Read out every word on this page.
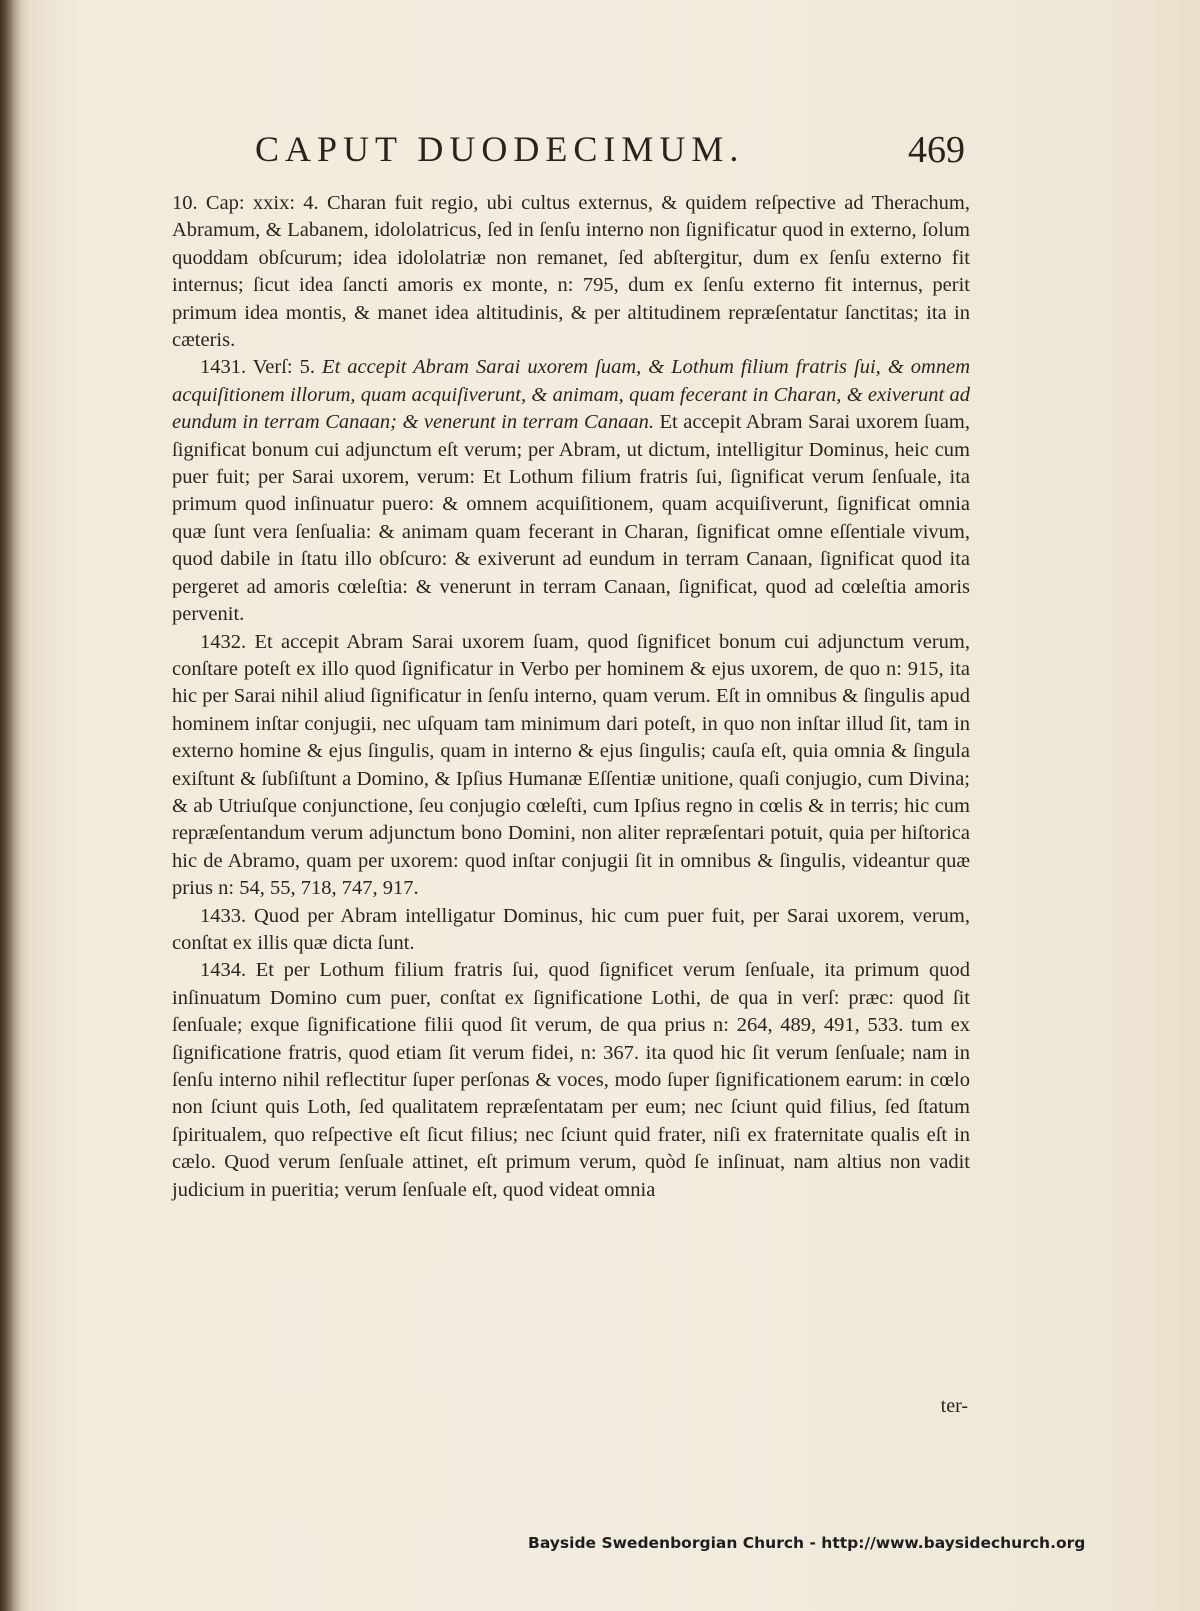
CAPUT DUODECIMUM.	469

10. Cap: xxix: 4. Charan fuit regio, ubi cultus externus, & quidem reſpective ad Therachum, Abramum, & Labanem, idololatricus, ſed in ſenſu interno non ſignificatur quod in externo, ſolum quoddam obſcurum; idea idololatriæ non remanet, ſed abſtergitur, dum ex ſenſu externo fit internus; ſicut idea ſancti amoris ex monte, n: 795, dum ex ſenſu externo fit internus, perit primum idea montis, & manet idea altitudinis, & per altitudinem repræſentatur ſanctitas; ita in cæteris.

1431. Verſ: 5. Et accepit Abram Sarai uxorem ſuam, & Lothum filium fratris ſui, & omnem acquiſitionem illorum, quam acquiſiverunt, & animam, quam fecerant in Charan, & exiverunt ad eundum in terram Canaan; & venerunt in terram Canaan. Et accepit Abram Sarai uxorem ſuam, ſignificat bonum cui adjunctum eſt verum; per Abram, ut dictum, intelligitur Dominus, heic cum puer fuit; per Sarai uxorem, verum: Et Lothum filium fratris ſui, ſignificat verum ſenſuale, ita primum quod inſinuatur puero: & omnem acquiſitionem, quam acquiſiverunt, ſignificat omnia quæ ſunt vera ſenſualia: & animam quam fecerant in Charan, ſignificat omne eſſentiale vivum, quod dabile in ſtatu illo obſcuro: & exiverunt ad eundum in terram Canaan, ſignificat quod ita pergeret ad amoris cœleſtia: & venerunt in terram Canaan, ſignificat, quod ad cœleſtia amoris pervenit.

1432. Et accepit Abram Sarai uxorem ſuam, quod ſignificet bonum cui adjunctum verum, conſtare poteſt ex illo quod ſignificatur in Verbo per hominem & ejus uxorem, de quo n: 915, ita hic per Sarai nihil aliud ſignificatur in ſenſu interno, quam verum. Eſt in omnibus & ſingulis apud hominem inſtar conjugii, nec uſquam tam minimum dari poteſt, in quo non inſtar illud ſit, tam in externo homine & ejus ſingulis, quam in interno & ejus ſingulis; cauſa eſt, quia omnia & ſingula exiſtunt & ſubſiſtunt a Domino, & Ipſius Humanæ Eſſentiæ unitione, quaſi conjugio, cum Divina; & ab Utriuſque conjunctione, ſeu conjugio cœleſti, cum Ipſius regno in cœlis & in terris; hic cum repræſentandum verum adjunctum bono Domini, non aliter repræſentari potuit, quia per hiſtorica hic de Abramo, quam per uxorem: quod inſtar conjugii ſit in omnibus & ſingulis, videantur quæ prius n: 54, 55, 718, 747, 917.

1433. Quod per Abram intelligatur Dominus, hic cum puer fuit, per Sarai uxorem, verum, conſtat ex illis quæ dicta ſunt.

1434. Et per Lothum filium fratris ſui, quod ſignificet verum ſenſuale, ita primum quod inſinuatum Domino cum puer, conſtat ex ſignificatione Lothi, de qua in verſ: præc: quod ſit ſenſuale; exque ſignificatione filii quod ſit verum, de qua prius n: 264, 489, 491, 533. tum ex ſignificatione fratris, quod etiam ſit verum fidei, n: 367. ita quod hic ſit verum ſenſuale; nam in ſenſu interno nihil reflectitur ſuper perſonas & voces, modo ſuper ſignificationem earum: in cœlo non ſciunt quis Loth, ſed qualitatem repræſentatam per eum; nec ſciunt quid filius, ſed ſtatum ſpiritualem, quo reſpective eſt ſicut filius; nec ſciunt quid frater, niſi ex fraternitate qualis eſt in cælo. Quod verum ſenſuale attinet, eſt primum verum, quòd ſe inſinuat, nam altius non vadit judicium in pueritia; verum ſenſuale eſt, quod videat omnia

ter-
Bayside Swedenborgian Church - http://www.baysidechurch.org
